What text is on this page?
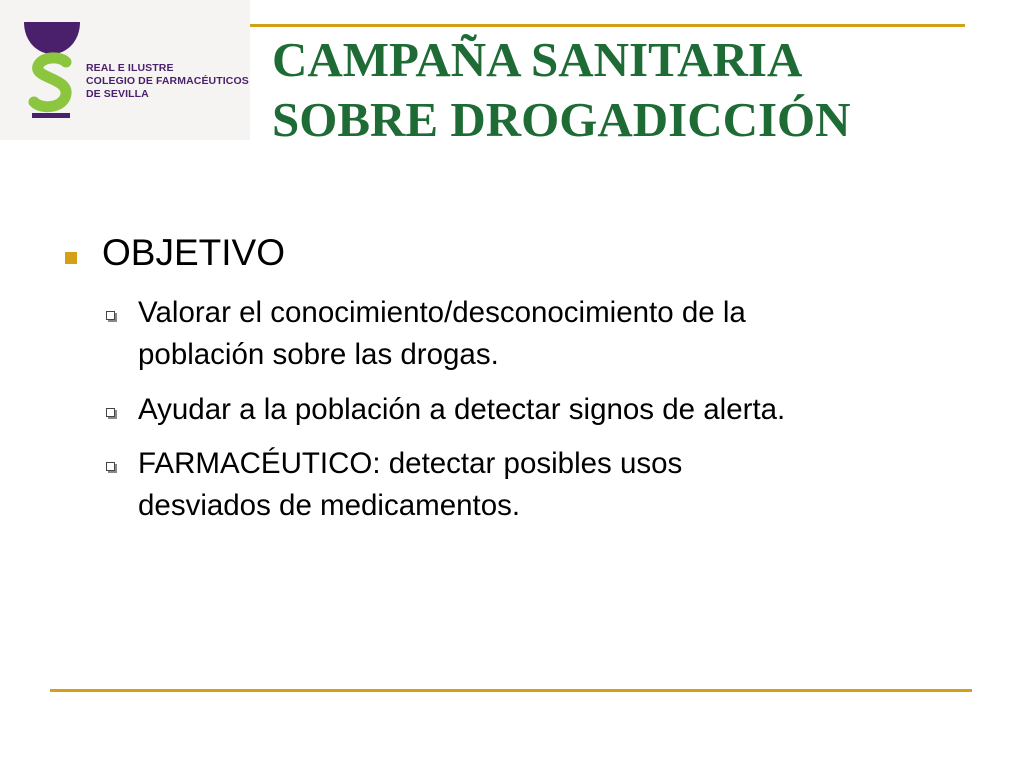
REAL E ILUSTRE
COLEGIO DE FARMACÉUTICOS
DE SEVILLA
CAMPAÑA SANITARIA
SOBRE DROGADICCIÓN
OBJETIVO
Valorar el conocimiento/desconocimiento de la
población sobre las drogas.
Ayudar a la población a detectar signos de alerta.
FARMACÉUTICO: detectar posibles usos
desviados de medicamentos.
